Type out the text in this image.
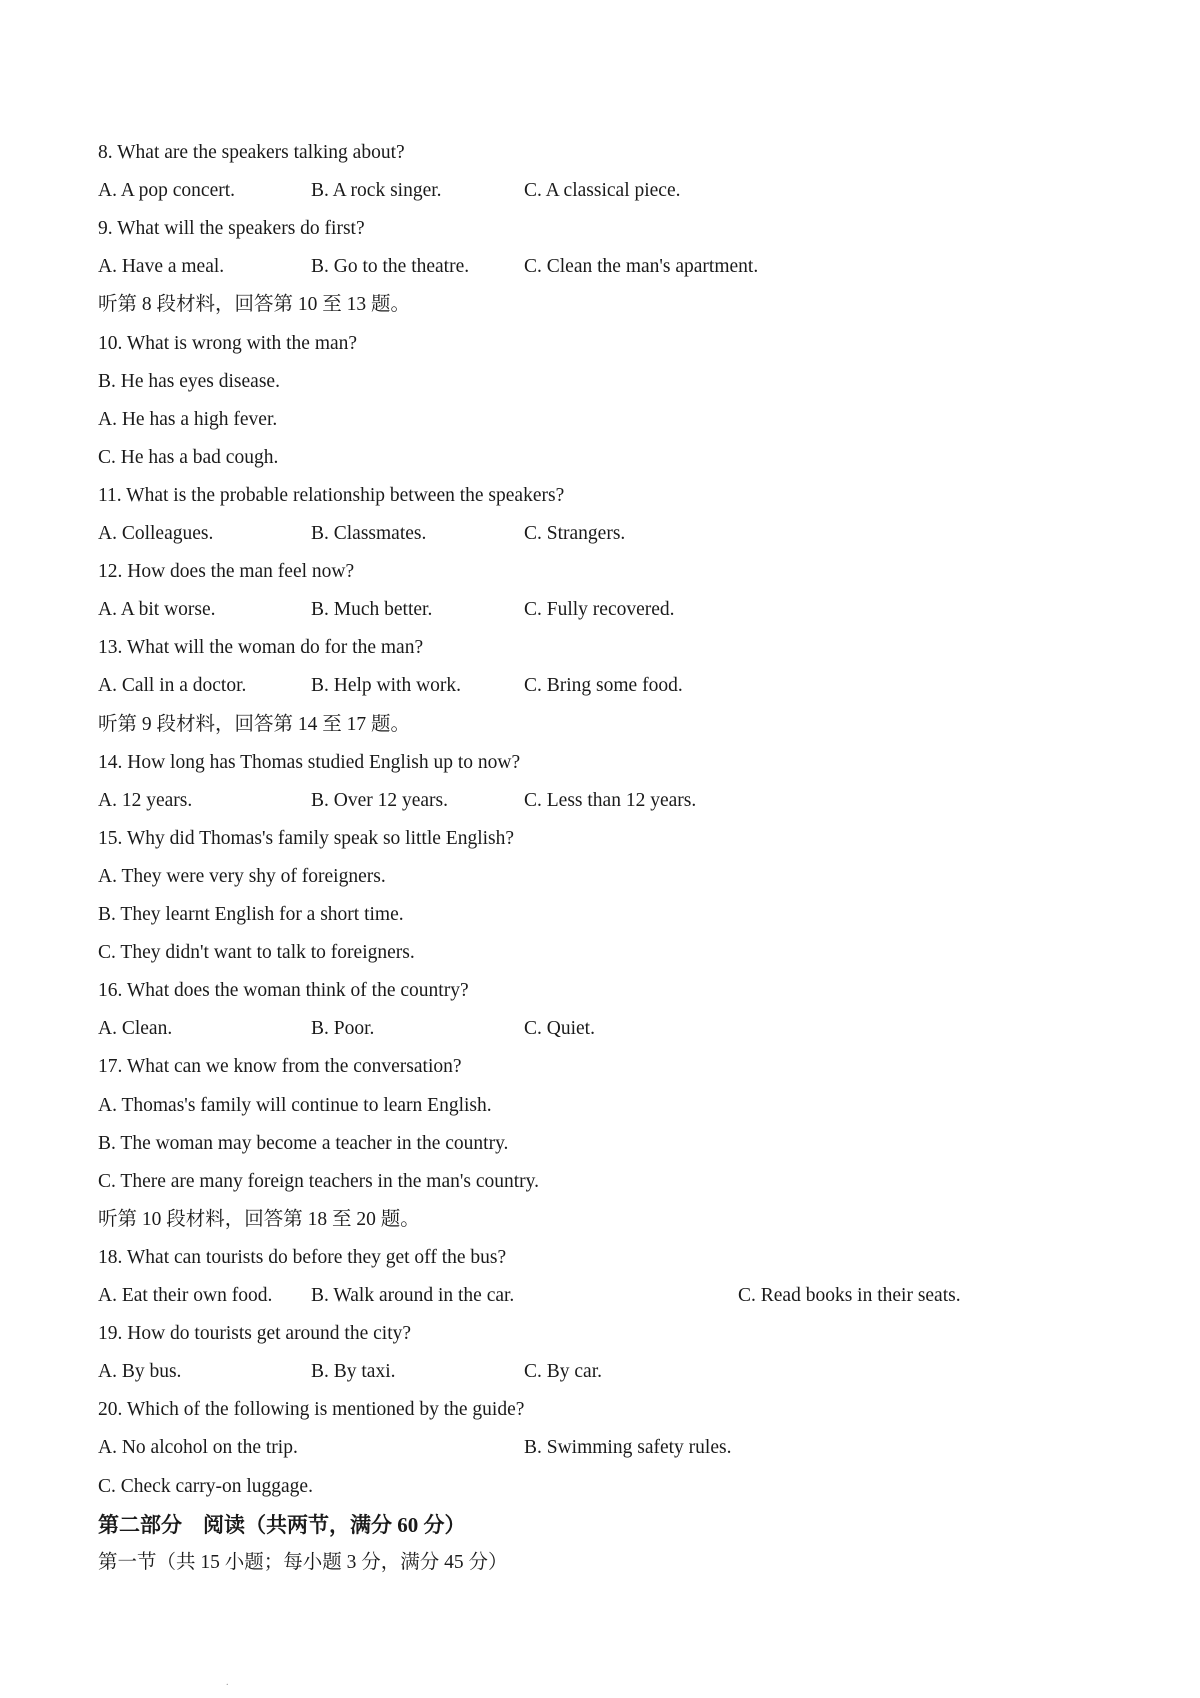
8. What are the speakers talking about?
A. A pop concert.	B. A rock singer.	C. A classical piece.
9. What will the speakers do first?
A. Have a meal.	B. Go to the theatre.	C. Clean the man's apartment.
听第 8 段材料，回答第 10 至 13 题。
10. What is wrong with the man?
B. He has eyes disease.
A. He has a high fever.
C. He has a bad cough.
11. What is the probable relationship between the speakers?
A. Colleagues.	B. Classmates.	C. Strangers.
12. How does the man feel now?
A. A bit worse.	B. Much better.	C. Fully recovered.
13. What will the woman do for the man?
A. Call in a doctor.	B. Help with work.	C. Bring some food.
听第 9 段材料，回答第 14 至 17 题。
14. How long has Thomas studied English up to now?
A. 12 years.	B. Over 12 years.	C. Less than 12 years.
15. Why did Thomas's family speak so little English?
A. They were very shy of foreigners.
B. They learnt English for a short time.
C. They didn't want to talk to foreigners.
16. What does the woman think of the country?
A. Clean.	B. Poor.	C. Quiet.
17. What can we know from the conversation?
A. Thomas's family will continue to learn English.
B. The woman may become a teacher in the country.
C. There are many foreign teachers in the man's country.
听第 10 段材料，回答第 18 至 20 题。
18. What can tourists do before they get off the bus?
A. Eat their own food. B. Walk around in the car.	C. Read books in their seats.
19. How do tourists get around the city?
A. By bus.	B. By taxi.	C. By car.
20. Which of the following is mentioned by the guide?
A. No alcohol on the trip.	B. Swimming safety rules.
C. Check carry-on luggage.
第二部分　阅读（共两节，满分 60 分）
第一节（共 15 小题；每小题 3 分，满分 45 分）
.
